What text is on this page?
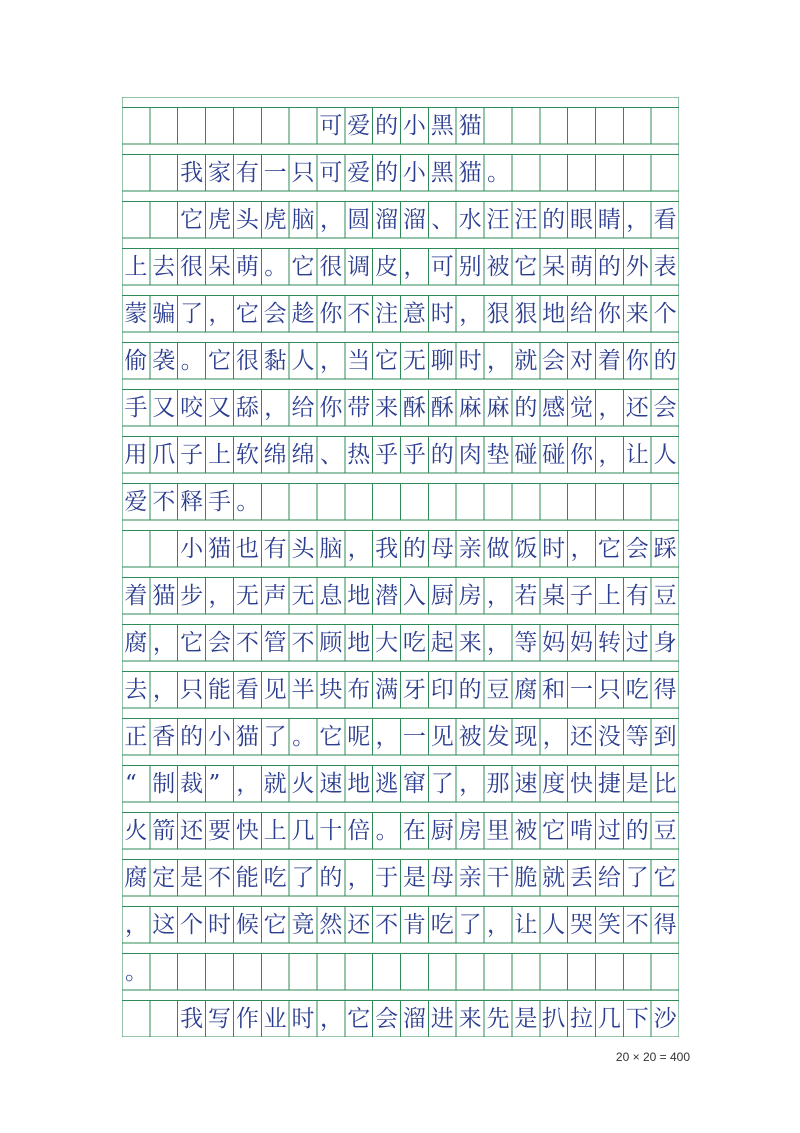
可 爱 的 小 黑 猫
我 家 有 一 只 可 爱 的 小 黑 猫 。
它 虎 头 虎 脑 ， 圆 溜 溜 、 水 汪 汪 的 眼 睛 ， 看
上 去 很 呆 萌 。 它 很 调 皮 ， 可 别 被 它 呆 萌 的 外 表
蒙 骗 了 ， 它 会 趁 你 不 注 意 时 ， 狠 狠 地 给 你 来 个
偷 袭 。 它 很 黏 人 ， 当 它 无 聊 时 ， 就 会 对 着 你 的
手 又 咬 又 舔 ， 给 你 带 来 酥 酥 麻 麻 的 感 觉 ， 还 会
用 爪 子 上 软 绵 绵 、 热 乎 乎 的 肉 垫 碰 碰 你 ， 让 人
爱 不 释 手 。
小 猫 也 有 头 脑 ， 我 的 母 亲 做 饭 时 ， 它 会 踩
着 猫 步 ， 无 声 无 息 地 潜 入 厨 房 ， 若 桌 子 上 有 豆
腐 ， 它 会 不 管 不 顾 地 大 吃 起 来 ， 等 妈 妈 转 过 身
去 ， 只 能 看 见 半 块 布 满 牙 印 的 豆 腐 和 一 只 吃 得
正 香 的 小 猫 了 。 它 呢 ， 一 见 被 发 现 ， 还 没 等 到
“ 制 裁 ” ， 就 火 速 地 逃 窜 了 ， 那 速 度 快 捷 是 比
火 箭 还 要 快 上 几 十 倍 。 在 厨 房 里 被 它 啃 过 的 豆
腐 定 是 不 能 吃 了 的 ， 于 是 母 亲 干 脆 就 丢 给 了 它
， 这 个 时 候 它 竟 然 还 不 肯 吃 了 ， 让 人 哭 笑 不 得
。
我 写 作 业 时 ， 它 会 溜 进 来 先 是 扒 拉 几 下 沙
20 × 20 = 400
